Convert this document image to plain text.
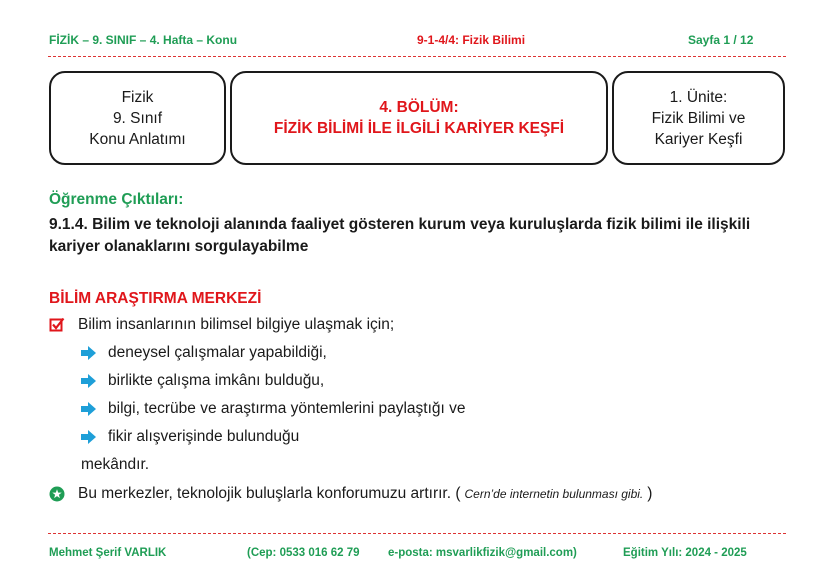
FİZİK – 9. SINIF – 4. Hafta – Konu	9-1-4/4: Fizik Bilimi	Sayfa 1 / 12
Fizik
9. Sınıf
Konu Anlatımı
4. BÖLÜM:
FİZİK BİLİMİ İLE İLGİLİ KARİYER KEŞFİ
1. Ünite:
Fizik Bilimi ve
Kariyer Keşfi
Öğrenme Çıktıları:
9.1.4. Bilim ve teknoloji alanında faaliyet gösteren kurum veya kuruluşlarda fizik bilimi ile ilişkili kariyer olanaklarını sorgulayabilme
BİLİM ARAŞTIRMA MERKEZİ
Bilim insanlarının bilimsel bilgiye ulaşmak için;
deneysel çalışmalar yapabildiği,
birlikte çalışma imkânı bulduğu,
bilgi, tecrübe ve araştırma yöntemlerini paylaştığı ve
fikir alışverişinde bulunduğu
mekândır.
Bu merkezler, teknolojik buluşlarla konforumuzu artırır. ( Cern’de internetin bulunması gibi. )
Mehmet Şerif VARLIK	(Cep: 0533 016 62 79 e-posta: msvarlikfizik@gmail.com)	Eğitim Yılı: 2024 - 2025
